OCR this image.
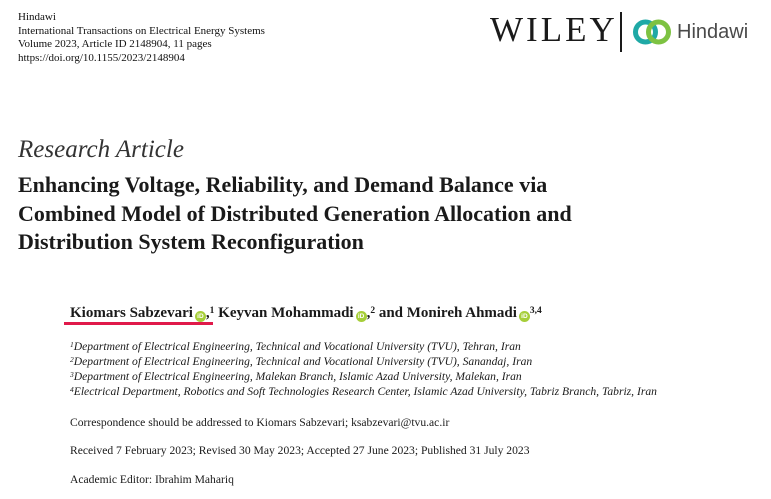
Hindawi
International Transactions on Electrical Energy Systems
Volume 2023, Article ID 2148904, 11 pages
https://doi.org/10.1155/2023/2148904
WILEY	Hindawi
Research Article
Enhancing Voltage, Reliability, and Demand Balance via
Combined Model of Distributed Generation Allocation and
Distribution System Reconfiguration
Kiomars Sabzevari iD ,$^1$ Keyvan Mohammadi iD ,$^2$ and Monireh Ahmadi iD$^{3,4}$
$^1$Department of Electrical Engineering, Technical and Vocational University (TVU), Tehran, Iran
$^2$Department of Electrical Engineering, Technical and Vocational University (TVU), Sanandaj, Iran
$^3$Department of Electrical Engineering, Malekan Branch, Islamic Azad University, Malekan, Iran
$^4$Electrical Department, Robotics and Soft Technologies Research Center, Islamic Azad University, Tabriz Branch, Tabriz, Iran
Correspondence should be addressed to Kiomars Sabzevari; ksabzevari@tvu.ac.ir
Received 7 February 2023; Revised 30 May 2023; Accepted 27 June 2023; Published 31 July 2023
Academic Editor: Ibrahim Mahariq
